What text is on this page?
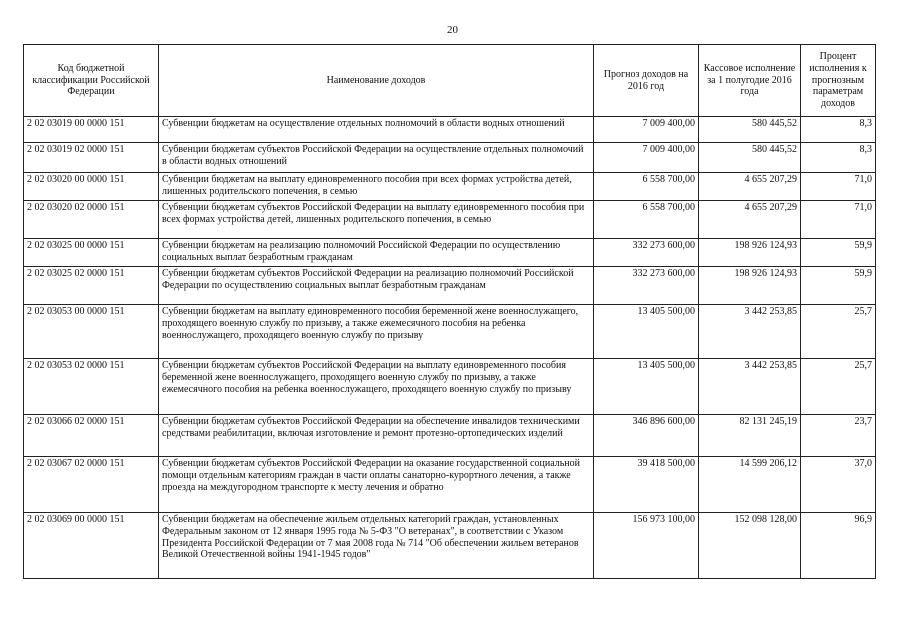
20
Код бюджетной классификации Российской Федерации	Наименование доходов	Прогноз доходов на 2016 год	Кассовое исполнение за 1 полугодие 2016 года	Процент исполнения к прогнозным параметрам доходов
2 02 03019 00 0000 151	Субвенции бюджетам на осуществление отдельных полномочий в области водных отношений	7 009 400,00	580 445,52	8,3
2 02 03019 02 0000 151	Субвенции бюджетам субъектов Российской Федерации на осуществление отдельных полномочий в области водных отношений	7 009 400,00	580 445,52	8,3
2 02 03020 00 0000 151	Субвенции бюджетам на выплату единовременного пособия при всех формах устройства детей, лишенных родительского попечения, в семью	6 558 700,00	4 655 207,29	71,0
2 02 03020 02 0000 151	Субвенции бюджетам субъектов Российской Федерации на выплату единовременного пособия при всех формах устройства детей, лишенных родительского попечения, в семью	6 558 700,00	4 655 207,29	71,0
2 02 03025 00 0000 151	Субвенции бюджетам на реализацию полномочий Российской Федерации по осуществлению социальных выплат безработным гражданам	332 273 600,00	198 926 124,93	59,9
2 02 03025 02 0000 151	Субвенции бюджетам субъектов Российской Федерации на реализацию полномочий Российской Федерации по осуществлению социальных выплат безработным гражданам	332 273 600,00	198 926 124,93	59,9
2 02 03053 00 0000 151	Субвенции бюджетам на выплату единовременного пособия беременной жене военнослужащего, проходящего военную службу по призыву, а также ежемесячного пособия на ребенка военнослужащего, проходящего военную службу по призыву	13 405 500,00	3 442 253,85	25,7
2 02 03053 02 0000 151	Субвенции бюджетам субъектов Российской Федерации на выплату единовременного пособия беременной жене военнослужащего, проходящего военную службу по призыву, а также ежемесячного пособия на ребенка военнослужащего, проходящего военную службу по призыву	13 405 500,00	3 442 253,85	25,7
2 02 03066 02 0000 151	Субвенции бюджетам субъектов Российской Федерации на обеспечение инвалидов техническими средствами реабилитации, включая изготовление и ремонт протезно-ортопедических изделий	346 896 600,00	82 131 245,19	23,7
2 02 03067 02 0000 151	Субвенции бюджетам субъектов Российской Федерации на оказание государственной социальной помощи отдельным категориям граждан в части оплаты санаторно-курортного лечения, а также проезда на междугородном транспорте к месту лечения и обратно	39 418 500,00	14 599 206,12	37,0
2 02 03069 00 0000 151	Субвенции бюджетам на обеспечение жильем отдельных категорий граждан, установленных Федеральным законом от 12 января 1995 года № 5-ФЗ "О ветеранах", в соответствии с Указом Президента Российской Федерации от 7 мая 2008 года № 714 "Об обеспечении жильем ветеранов Великой Отечественной войны 1941-1945 годов"	156 973 100,00	152 098 128,00	96,9
